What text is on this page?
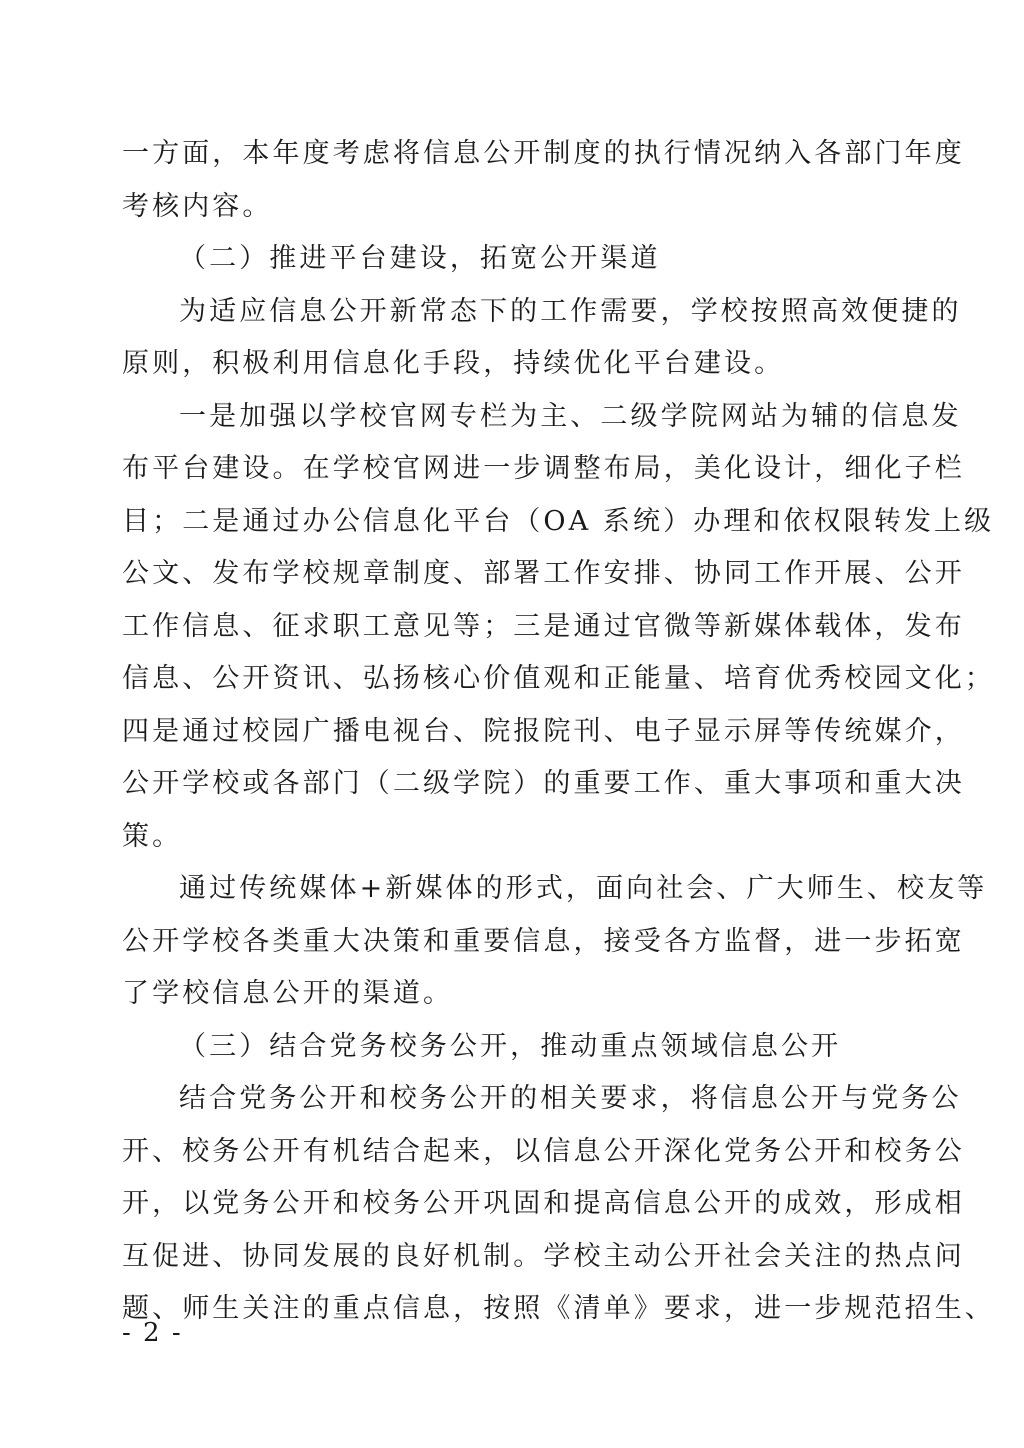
一方面，本年度考虑将信息公开制度的执行情况纳入各部门年度
考核内容。
（二）推进平台建设，拓宽公开渠道
为适应信息公开新常态下的工作需要，学校按照高效便捷的
原则，积极利用信息化手段，持续优化平台建设。
一是加强以学校官网专栏为主、二级学院网站为辅的信息发
布平台建设。在学校官网进一步调整布局，美化设计，细化子栏
目；二是通过办公信息化平台（OA 系统）办理和依权限转发上级
公文、发布学校规章制度、部署工作安排、协同工作开展、公开
工作信息、征求职工意见等；三是通过官微等新媒体载体，发布
信息、公开资讯、弘扬核心价值观和正能量、培育优秀校园文化；
四是通过校园广播电视台、院报院刊、电子显示屏等传统媒介，
公开学校或各部门（二级学院）的重要工作、重大事项和重大决
策。
通过传统媒体+新媒体的形式，面向社会、广大师生、校友等
公开学校各类重大决策和重要信息，接受各方监督，进一步拓宽
了学校信息公开的渠道。
（三）结合党务校务公开，推动重点领域信息公开
结合党务公开和校务公开的相关要求，将信息公开与党务公
开、校务公开有机结合起来，以信息公开深化党务公开和校务公
开，以党务公开和校务公开巩固和提高信息公开的成效，形成相
互促进、协同发展的良好机制。学校主动公开社会关注的热点问
题、师生关注的重点信息，按照《清单》要求，进一步规范招生、
- 2 -
